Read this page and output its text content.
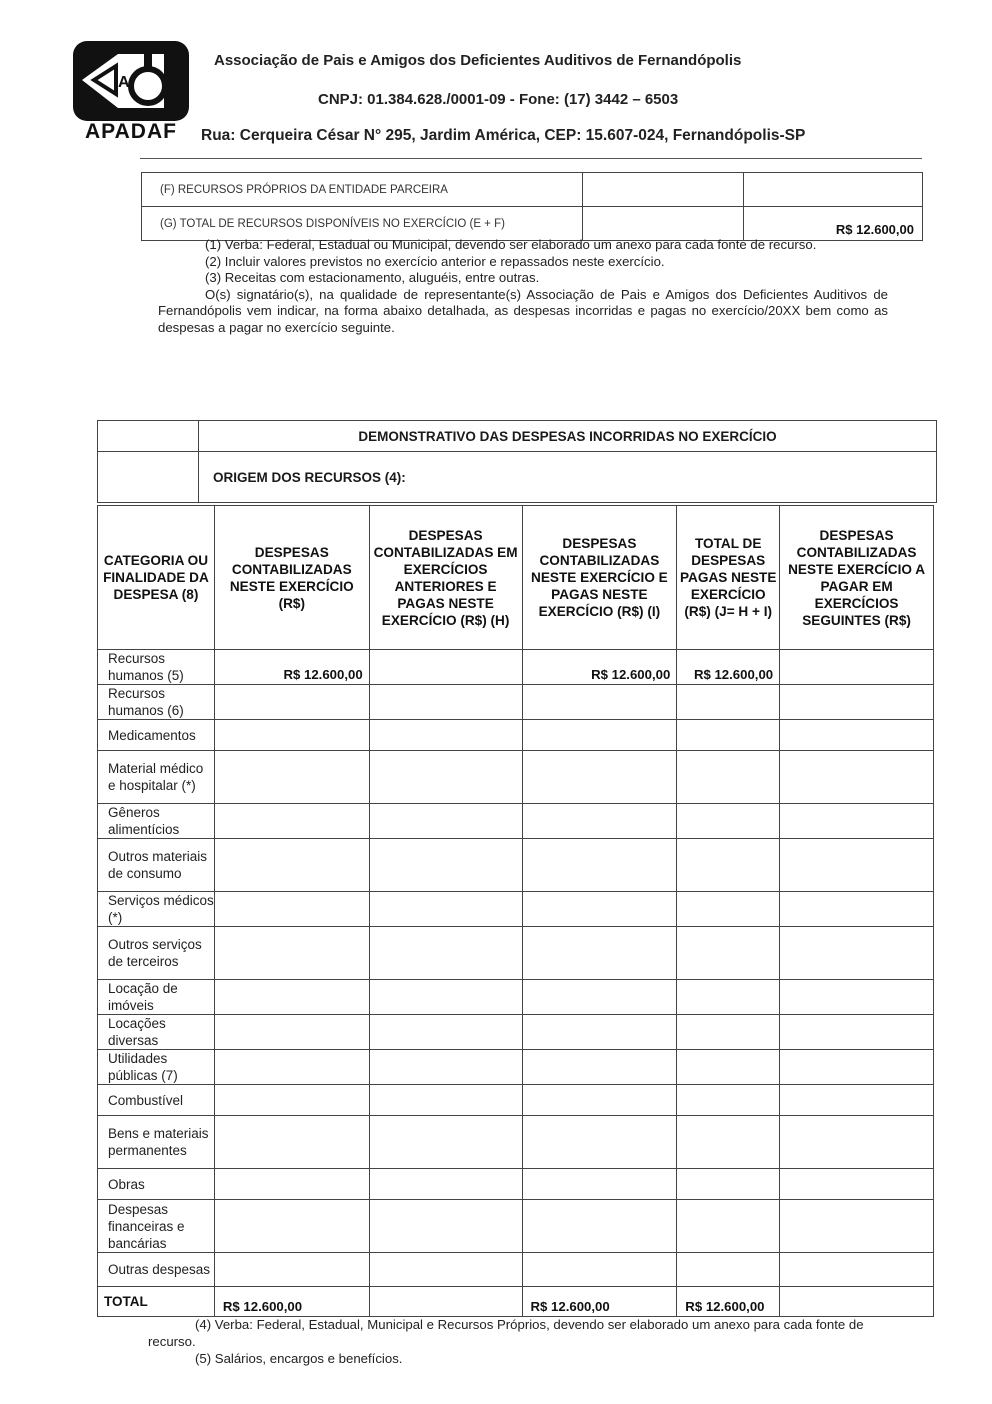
A
APADAF
Associação de Pais e Amigos dos Deficientes Auditivos de Fernandópolis
CNPJ: 01.384.628./0001-09 - Fone: (17) 3442 – 6503
Rua: Cerqueira César N° 295, Jardim América, CEP: 15.607-024, Fernandópolis-SP
(F) RECURSOS PRÓPRIOS DA ENTIDADE PARCEIRA		
(G) TOTAL DE RECURSOS DISPONÍVEIS NO EXERCÍCIO (E + F)		R$ 12.600,00

(1) Verba: Federal, Estadual ou Municipal, devendo ser elaborado um anexo para cada fonte de recurso.

(2) Incluir valores previstos no exercício anterior e repassados neste exercício.

(3) Receitas com estacionamento, aluguéis, entre outras.

O(s) signatário(s), na qualidade de representante(s) Associação de Pais e Amigos dos Deficientes Auditivos de Fernandópolis vem indicar, na forma abaixo detalhada, as despesas incorridas e pagas no exercício/20XX bem como as despesas a pagar no exercício seguinte.

	DEMONSTRATIVO DAS DESPESAS INCORRIDAS NO EXERCÍCIO
	ORIGEM DOS RECURSOS (4):
CATEGORIA OU FINALIDADE DA DESPESA (8)	DESPESAS CONTABILIZADAS NESTE EXERCÍCIO (R$)	DESPESAS CONTABILIZADAS EM EXERCÍCIOS ANTERIORES E PAGAS NESTE EXERCÍCIO (R$) (H)	DESPESAS CONTABILIZADAS NESTE EXERCÍCIO E PAGAS NESTE EXERCÍCIO (R$) (I)	TOTAL DE DESPESAS PAGAS NESTE EXERCÍCIO (R$) (J= H + I)	DESPESAS CONTABILIZADAS NESTE EXERCÍCIO A PAGAR EM EXERCÍCIOS SEGUINTES (R$)
Recursos humanos (5)	R$ 12.600,00		R$ 12.600,00	R$ 12.600,00	
Recursos humanos (6)					
Medicamentos					
Material médico e hospitalar (*)					
Gêneros alimentícios					
Outros materiais de consumo					
Serviços médicos (*)					
Outros serviços de terceiros					
Locação de imóveis					
Locações diversas					
Utilidades públicas (7)					
Combustível					
Bens e materiais permanentes					
Obras					
Despesas financeiras e bancárias					
Outras despesas					
TOTAL	R$ 12.600,00		R$ 12.600,00	R$ 12.600,00	

(4) Verba: Federal, Estadual, Municipal e Recursos Próprios, devendo ser elaborado um anexo para cada fonte de recurso.

(5) Salários, encargos e benefícios.
